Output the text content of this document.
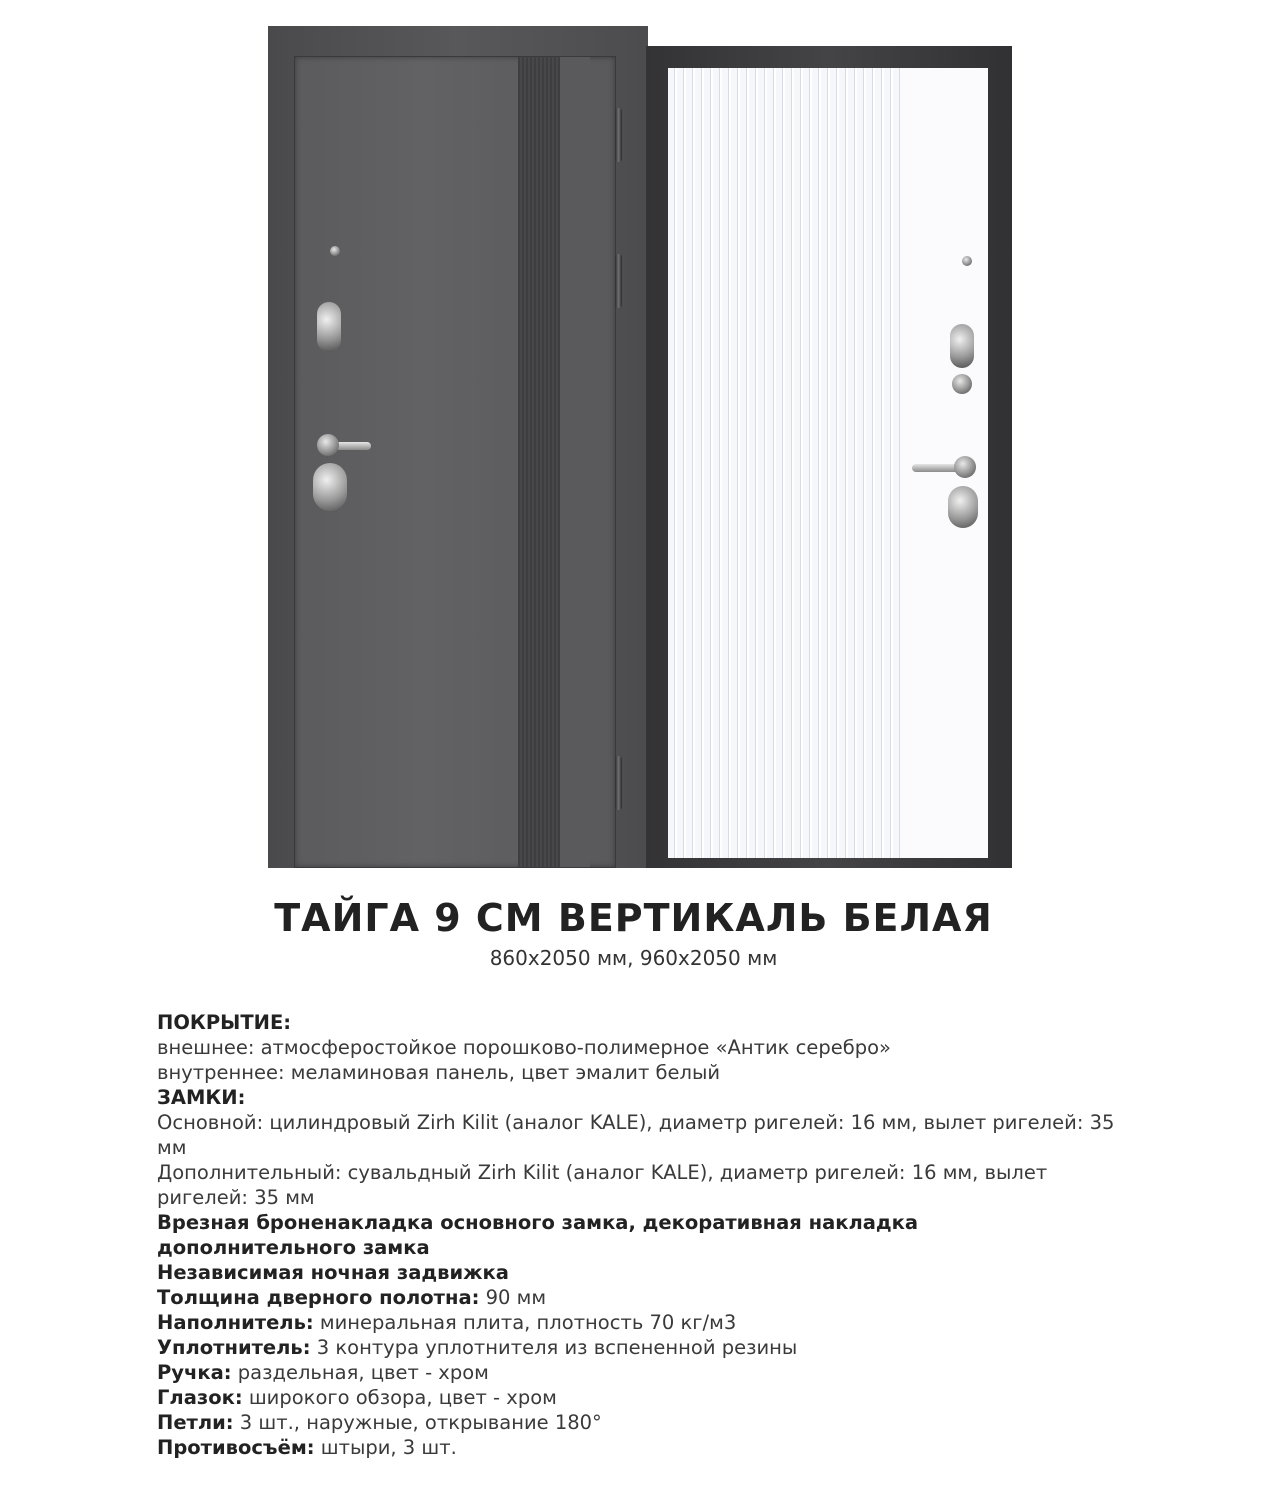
ТАЙГА 9 СМ ВЕРТИКАЛЬ БЕЛАЯ
860х2050 мм, 960х2050 мм

ПОКРЫТИЕ:

внешнее: атмосферостойкое порошково-полимерное «Антик серебро»

внутреннее: меламиновая панель, цвет эмалит белый

ЗАМКИ:

Основной: цилиндровый Zirh Kilit (аналог KALE), диаметр ригелей: 16 мм, вылет ригелей: 35 мм

Дополнительный: сувальдный Zirh Kilit (аналог KALE), диаметр ригелей: 16 мм, вылет ригелей: 35 мм

Врезная броненакладка основного замка, декоративная накладка дополнительного замка

Независимая ночная задвижка

Толщина дверного полотна: 90 мм

Наполнитель: минеральная плита, плотность 70 кг/м3

Уплотнитель: 3 контура уплотнителя из вспененной резины

Ручка: раздельная, цвет - хром

Глазок: широкого обзора, цвет - хром

Петли: 3 шт., наружные, открывание 180°

Противосъём: штыри, 3 шт.
